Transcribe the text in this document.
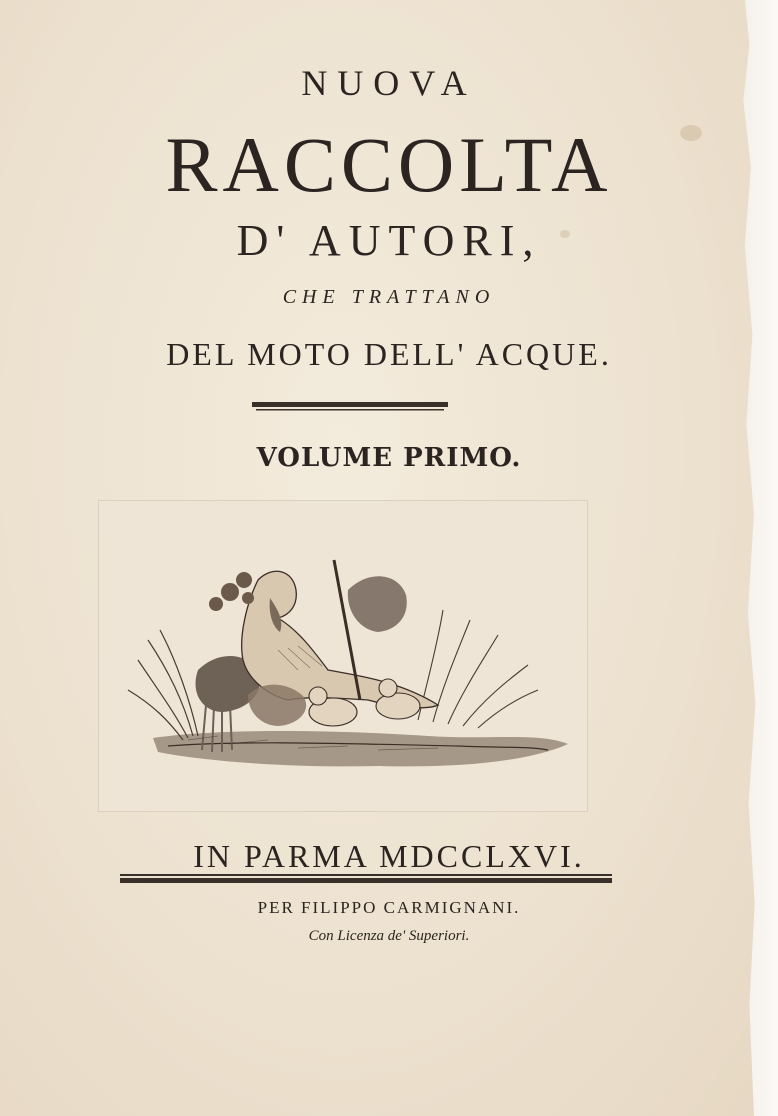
NUOVA
RACCOLTA
D' AUTORI,
CHE TRATTANO
DEL MOTO DELL' ACQUE.
VOLUME PRIMO.
IN PARMA MDCCLXVI.
PER FILIPPO CARMIGNANI.
Con Licenza de' Superiori.
